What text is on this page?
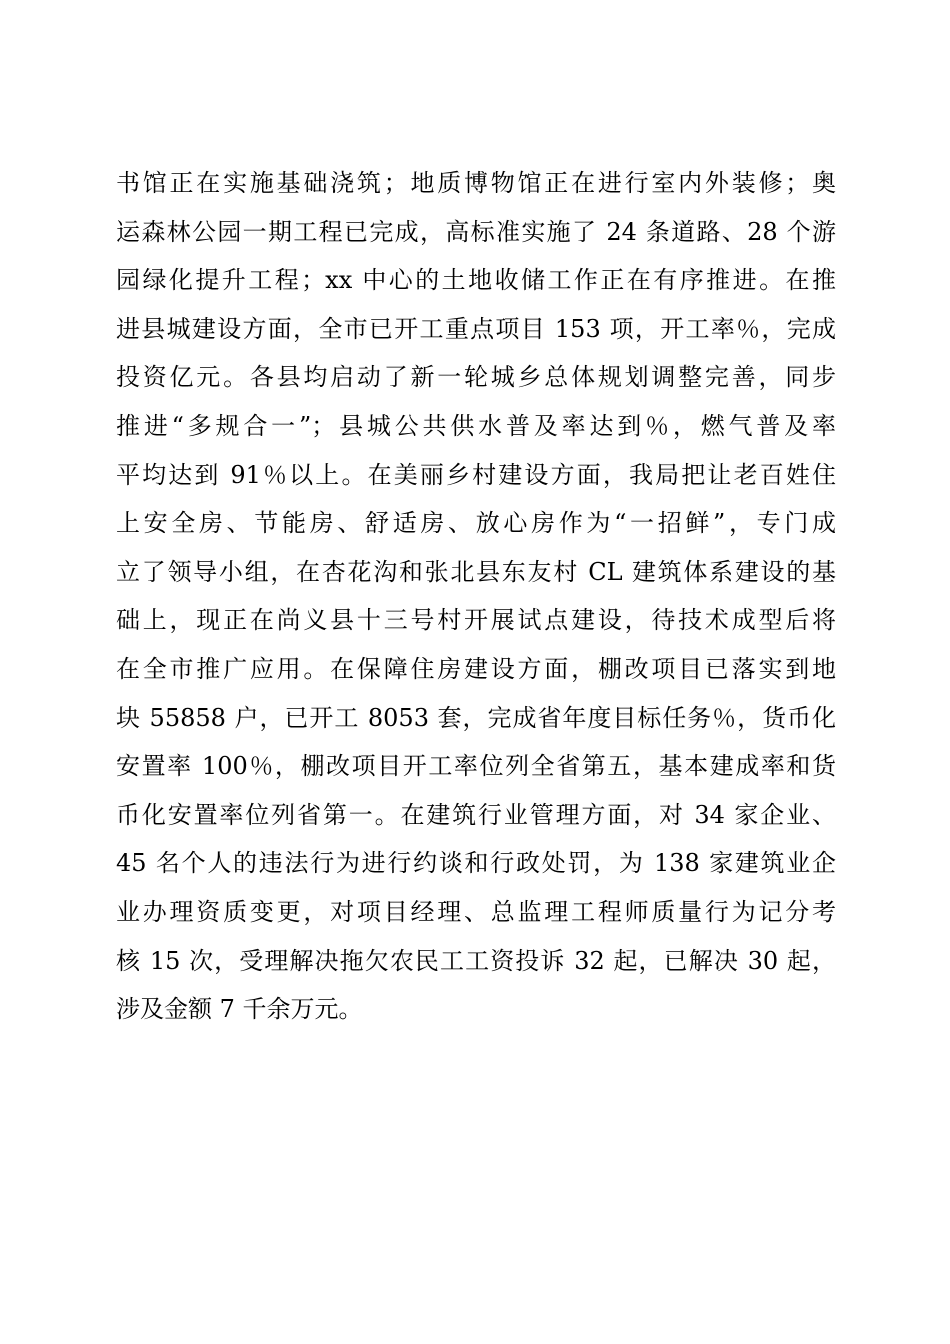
书馆正在实施基础浇筑；地质博物馆正在进行室内外装修；奥
运森林公园一期工程已完成，高标准实施了 24 条道路、28 个游
园绿化提升工程；xx 中心的土地收储工作正在有序推进。在推
进县城建设方面，全市已开工重点项目 153 项，开工率％，完成
投资亿元。各县均启动了新一轮城乡总体规划调整完善，同步
推进“多规合一”；县城公共供水普及率达到％，燃气普及率
平均达到 91％以上。在美丽乡村建设方面，我局把让老百姓住
上安全房、节能房、舒适房、放心房作为“一招鲜”，专门成
立了领导小组，在杏花沟和张北县东友村 CL 建筑体系建设的基
础上，现正在尚义县十三号村开展试点建设，待技术成型后将
在全市推广应用。在保障住房建设方面，棚改项目已落实到地
块 55858 户，已开工 8053 套，完成省年度目标任务％，货币化
安置率 100％，棚改项目开工率位列全省第五，基本建成率和货
币化安置率位列省第一。在建筑行业管理方面，对 34 家企业、
45 名个人的违法行为进行约谈和行政处罚，为 138 家建筑业企
业办理资质变更，对项目经理、总监理工程师质量行为记分考
核 15 次，受理解决拖欠农民工工资投诉 32 起，已解决 30 起，
涉及金额 7 千余万元。
